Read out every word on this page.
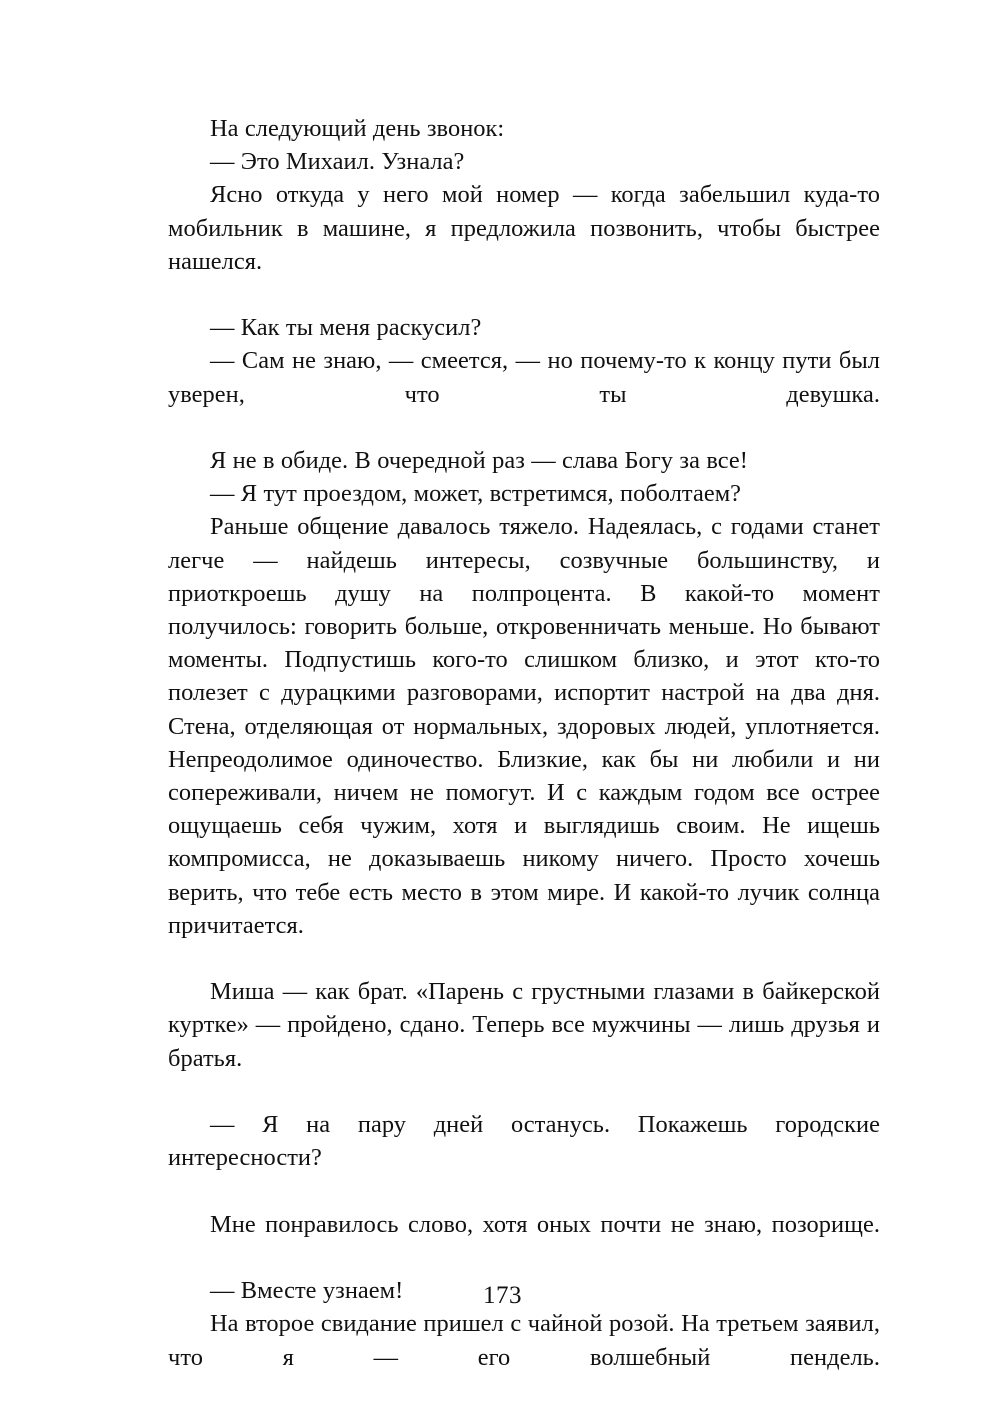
На следующий день звонок:

— Это Михаил. Узнала?

Ясно откуда у него мой номер — когда забельшил куда-то мобильник в машине, я предложила позвонить, чтобы быстрее нашелся.

— Как ты меня раскусил?

— Сам не знаю, — смеется, — но почему-то к концу пути был уверен, что ты девушка.

Я не в обиде. В очередной раз — слава Богу за все!

— Я тут проездом, может, встретимся, поболтаем?

Раньше общение давалось тяжело. Надеялась, с годами станет легче — найдешь интересы, созвучные большинству, и приоткроешь душу на полпроцента. В какой-то момент получилось: говорить больше, откровенничать меньше. Но бывают моменты. Подпустишь кого-то слишком близко, и этот кто-то полезет с дурацкими разговорами, испортит настрой на два дня. Стена, отделяющая от нормальных, здоровых людей, уплотняется. Непреодолимое одиночество. Близкие, как бы ни любили и ни сопереживали, ничем не помогут. И с каждым годом все острее ощущаешь себя чужим, хотя и выглядишь своим. Не ищешь компромисса, не доказываешь никому ничего. Просто хочешь верить, что тебе есть место в этом мире. И какой-то лучик солнца причитается.

Миша — как брат. «Парень с грустными глазами в байкерской куртке» — пройдено, сдано. Теперь все мужчины — лишь друзья и братья.

— Я на пару дней останусь. Покажешь городские интересности?

Мне понравилось слово, хотя оных почти не знаю, позорище.

— Вместе узнаем!

На второе свидание пришел с чайной розой. На третьем заявил, что я — его волшебный пендель.

173
